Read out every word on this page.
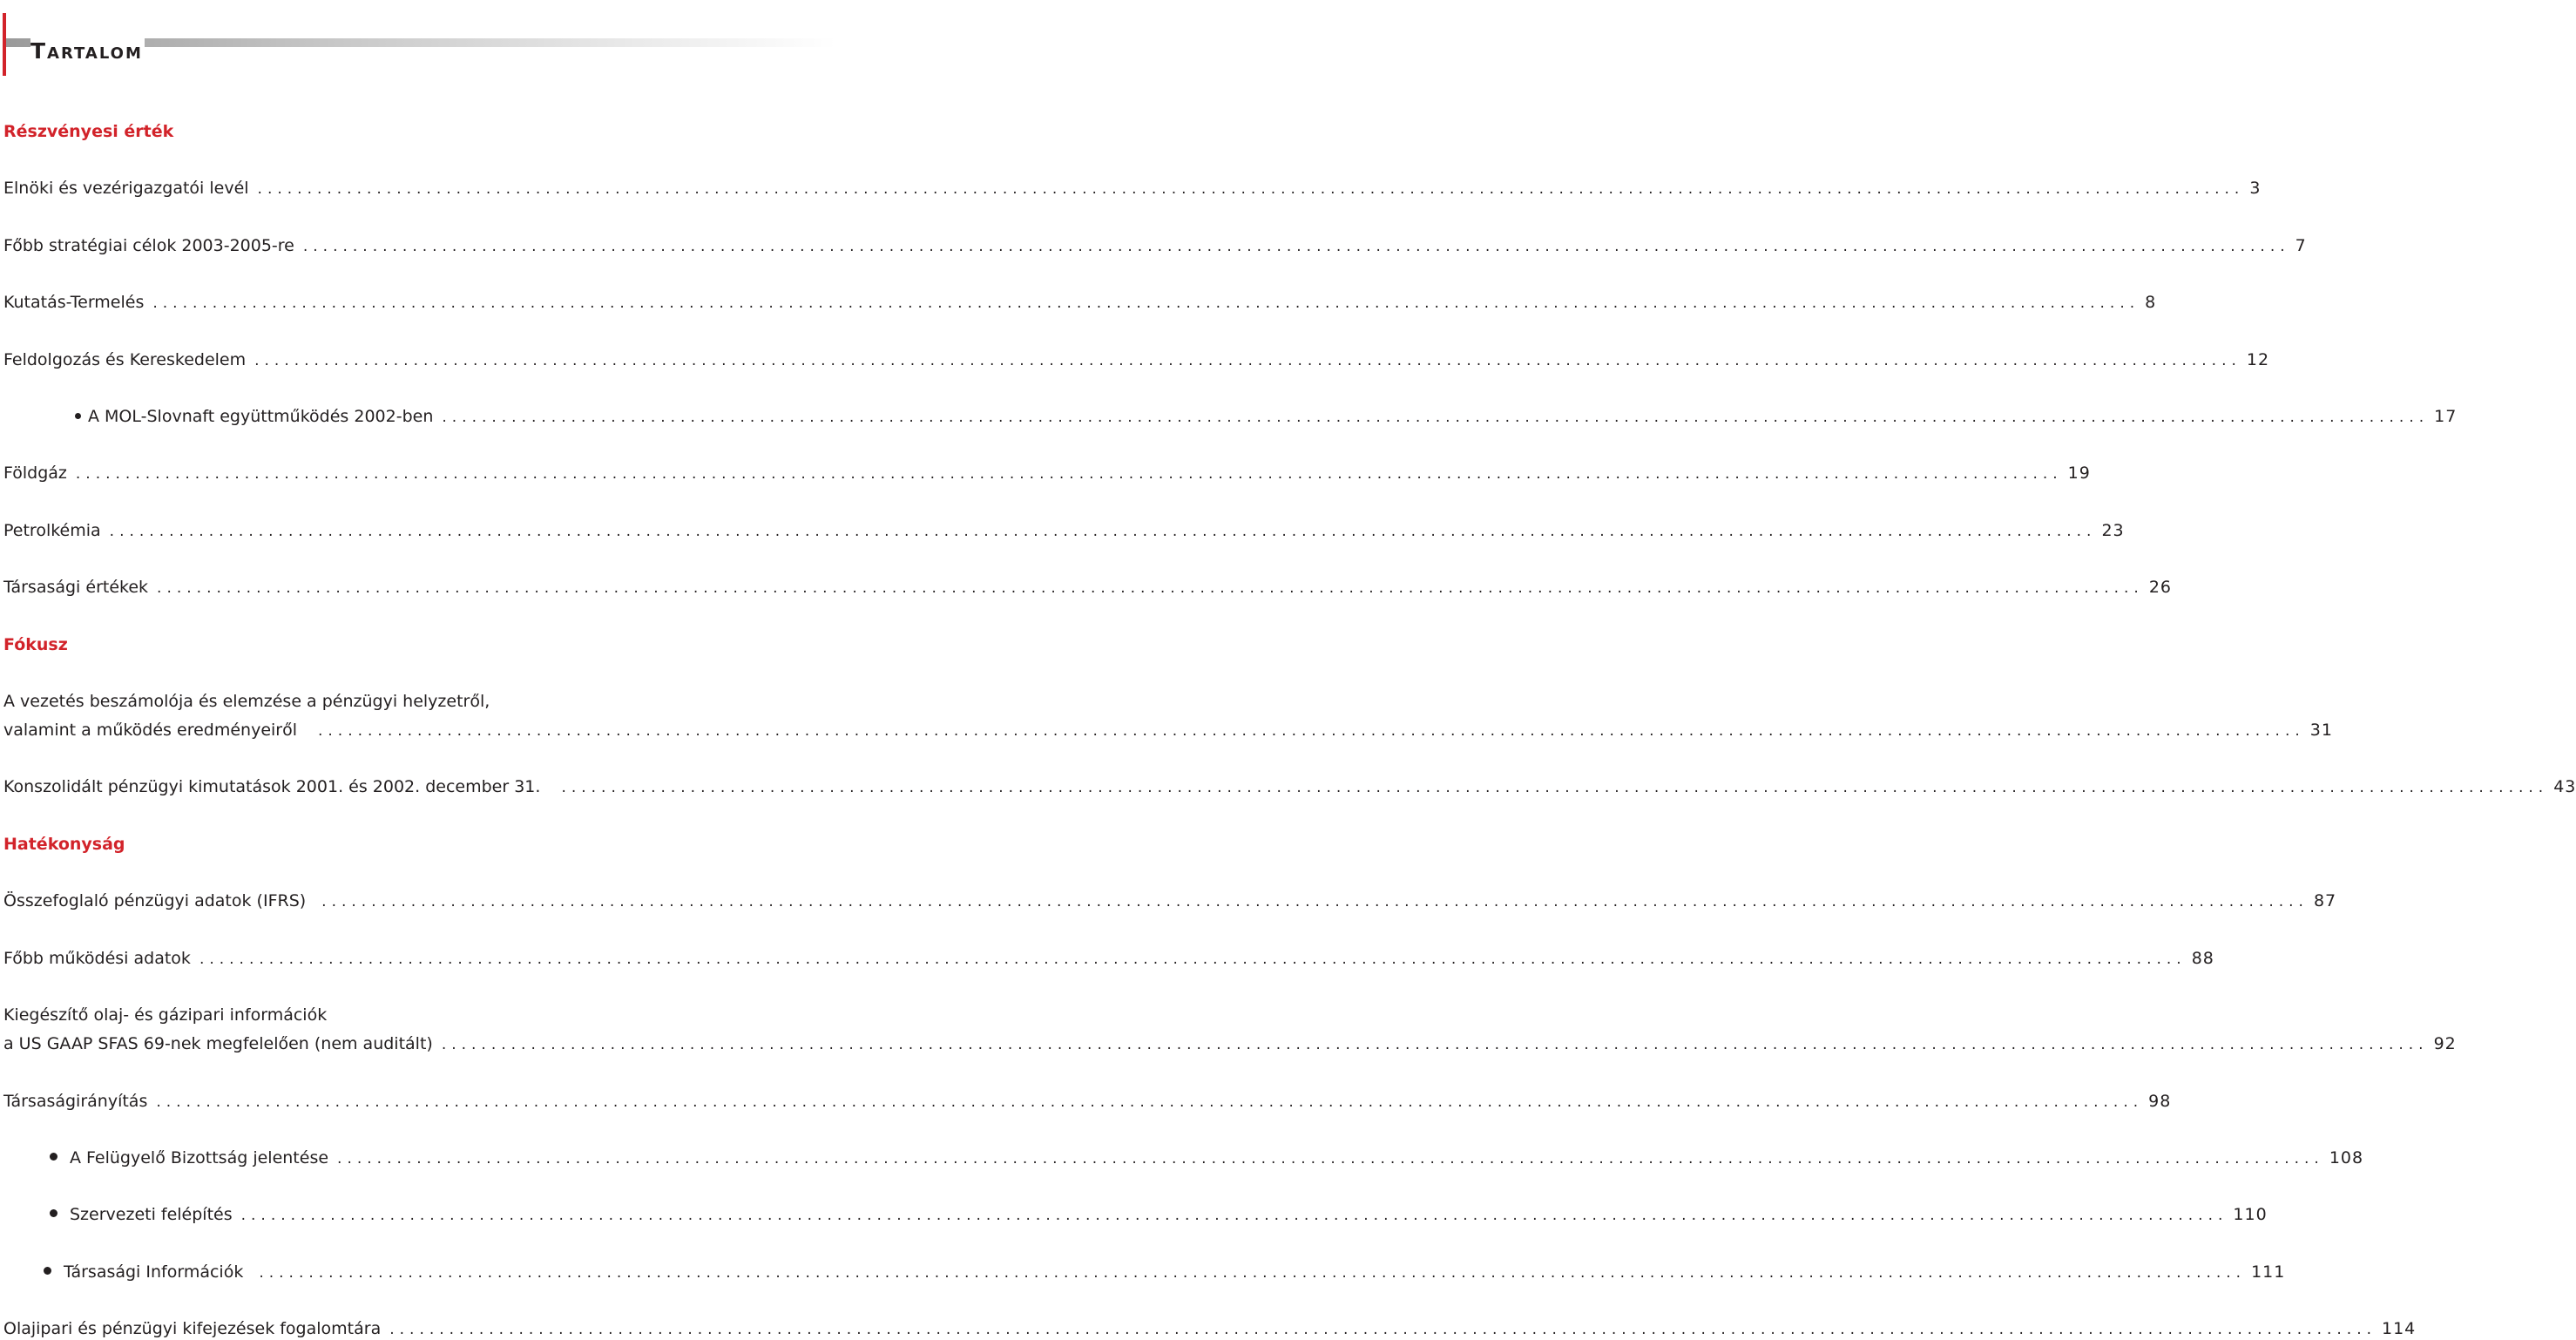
Tartalom
Részvényesi érték
Elnöki és vezérigazgatói levél ........................................................................................................................................................................................................ 3
Főbb stratégiai célok 2003-2005-re ........................................................................................................................................................................................................ 7
Kutatás-Termelés ........................................................................................................................................................................................................ 8
Feldolgozás és Kereskedelem ........................................................................................................................................................................................................ 12
A MOL-Slovnaft együttműködés 2002-ben ........................................................................................................................................................................................................ 17
Földgáz ........................................................................................................................................................................................................ 19
Petrolkémia ........................................................................................................................................................................................................ 23
Társasági értékek ........................................................................................................................................................................................................ 26
Fókusz
A vezetés beszámolója és elemzése a pénzügyi helyzetről,
valamint a működés eredményeiről ........................................................................................................................................................................................................ 31
Konszolidált pénzügyi kimutatások 2001. és 2002. december 31. ........................................................................................................................................................................................................ 43
Hatékonyság
Összefoglaló pénzügyi adatok (IFRS) ........................................................................................................................................................................................................ 87
Főbb működési adatok ........................................................................................................................................................................................................ 88
Kiegészítő olaj- és gázipari információk
a US GAAP SFAS 69-nek megfelelően (nem auditált) ........................................................................................................................................................................................................ 92
Társaságirányítás ........................................................................................................................................................................................................ 98
A Felügyelő Bizottság jelentése ........................................................................................................................................................................................................ 108
Szervezeti felépítés ........................................................................................................................................................................................................ 110
Társasági Információk ........................................................................................................................................................................................................ 111
Olajipari és pénzügyi kifejezések fogalomtára ........................................................................................................................................................................................................ 114
